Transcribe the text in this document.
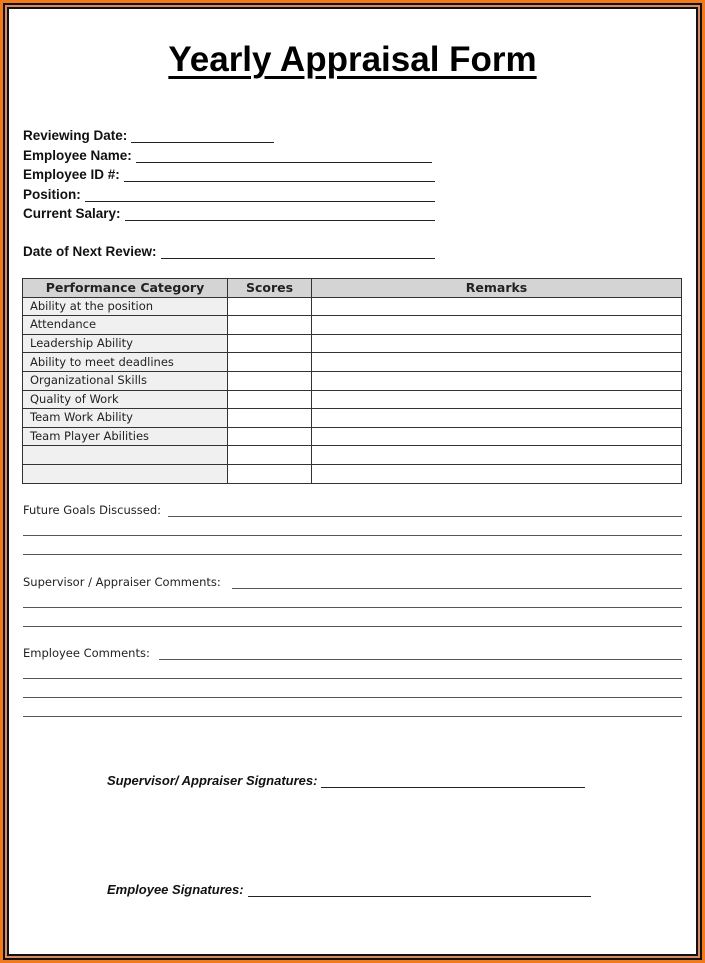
Yearly Appraisal Form
Reviewing Date:
Employee Name:
Employee ID #:
Position:
Current Salary:
Date of Next Review:
Performance Category	Scores	Remarks
Ability at the position		
Attendance		
Leadership Ability		
Ability to meet deadlines		
Organizational Skills		
Quality of Work		
Team Work Ability		
Team Player Abilities		

Future Goals Discussed:
Supervisor / Appraiser Comments:
Employee Comments:
Supervisor/ Appraiser Signatures:
Employee Signatures:
